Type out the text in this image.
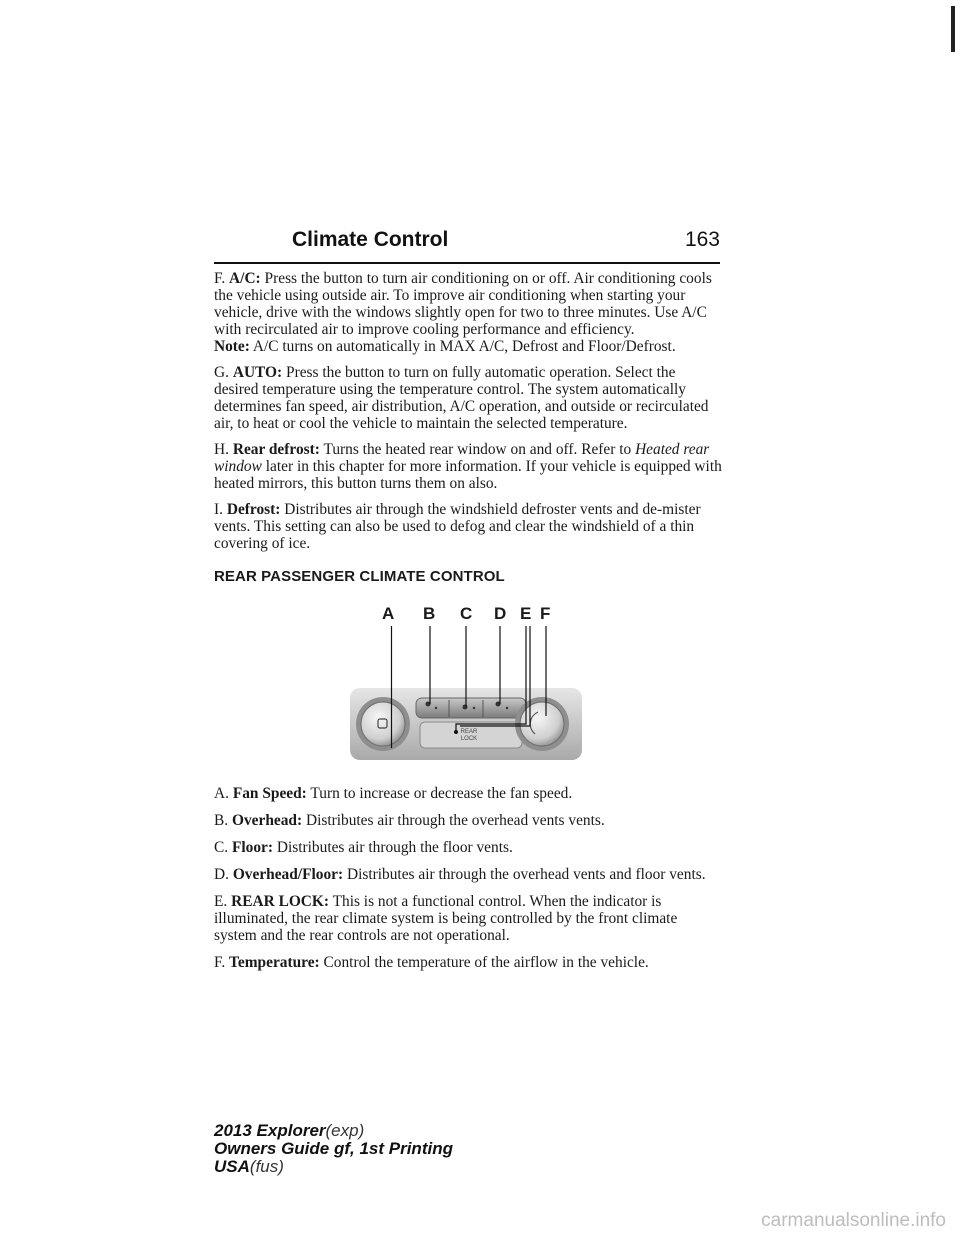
Climate Control	163

F. A/C: Press the button to turn air conditioning on or off. Air conditioning cools the vehicle using outside air. To improve air conditioning when starting your vehicle, drive with the windows slightly open for two to three minutes. Use A/C with recirculated air to improve cooling performance and efficiency.

Note: A/C turns on automatically in MAX A/C, Defrost and Floor/Defrost.

G. AUTO: Press the button to turn on fully automatic operation. Select the desired temperature using the temperature control. The system automatically determines fan speed, air distribution, A/C operation, and outside or recirculated air, to heat or cool the vehicle to maintain the selected temperature.

H. Rear defrost: Turns the heated rear window on and off. Refer to Heated rear window later in this chapter for more information. If your vehicle is equipped with heated mirrors, this button turns them on also.

I. Defrost: Distributes air through the windshield defroster vents and de-mister vents. This setting can also be used to defog and clear the windshield of a thin covering of ice.

REAR PASSENGER CLIMATE CONTROL
A B C D E F
REAR
LOCK

A. Fan Speed: Turn to increase or decrease the fan speed.

B. Overhead: Distributes air through the overhead vents vents.

C. Floor: Distributes air through the floor vents.

D. Overhead/Floor: Distributes air through the overhead vents and floor vents.

E. REAR LOCK: This is not a functional control. When the indicator is illuminated, the rear climate system is being controlled by the front climate system and the rear controls are not operational.

F. Temperature: Control the temperature of the airflow in the vehicle.

2013 Explorer(exp)
Owners Guide gf, 1st Printing
USA(fus)
carmanualsonline.info
